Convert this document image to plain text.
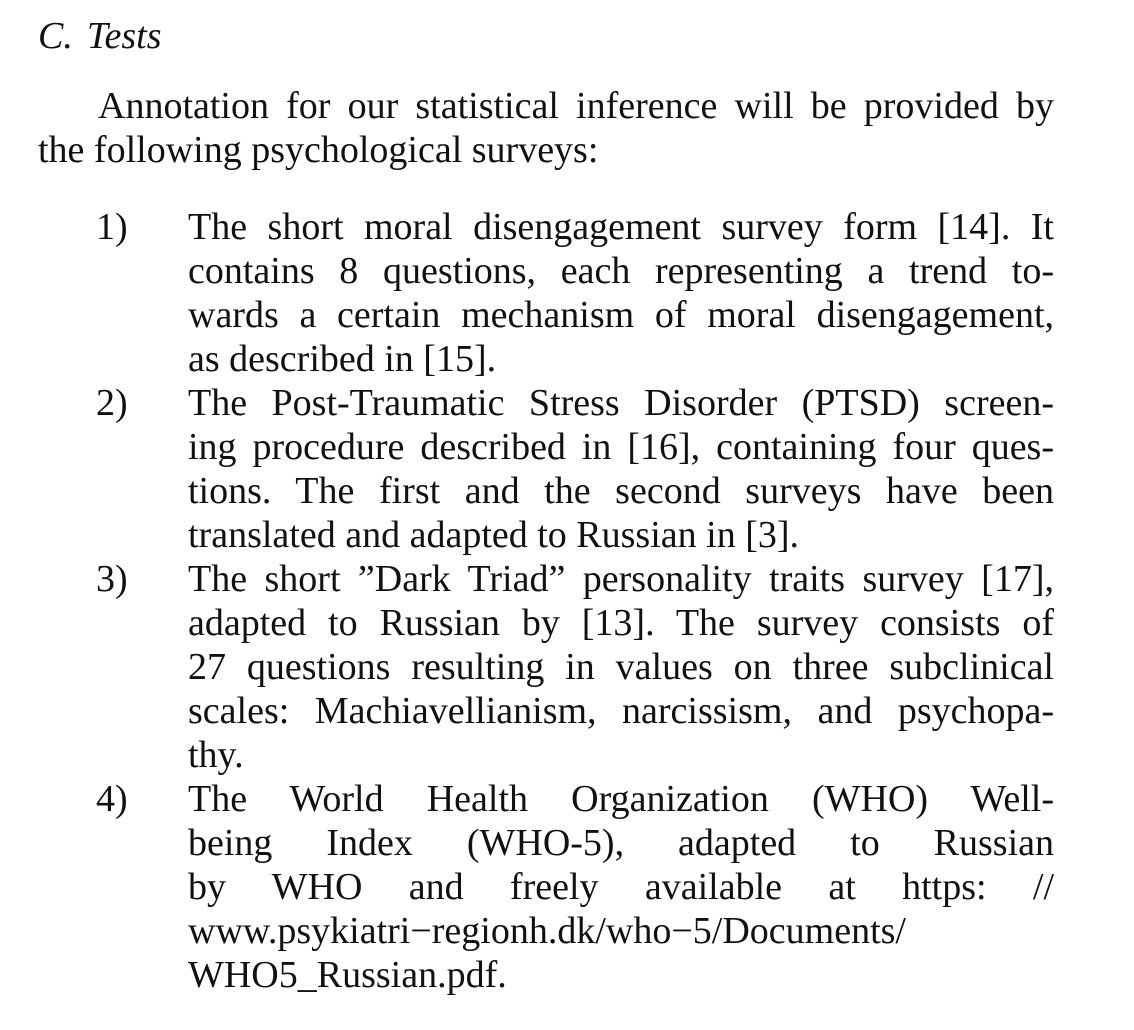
C. Tests
Annotation for our statistical inference will be provided by
the following psychological surveys:
1) The short moral disengagement survey form [14]. It
contains 8 questions, each representing a trend to-
wards a certain mechanism of moral disengagement,
as described in [15].
2) The Post-Traumatic Stress Disorder (PTSD) screen-
ing procedure described in [16], containing four ques-
tions. The first and the second surveys have been
translated and adapted to Russian in [3].
3) The short ”Dark Triad” personality traits survey [17],
adapted to Russian by [13]. The survey consists of
27 questions resulting in values on three subclinical
scales: Machiavellianism, narcissism, and psychopa-
thy.
4) The World Health Organization (WHO) Well-
being Index (WHO-5), adapted to Russian
by WHO and freely available at https: //
www.psykiatri−regionh.dk/who−5/Documents/
WHO5_Russian.pdf.
